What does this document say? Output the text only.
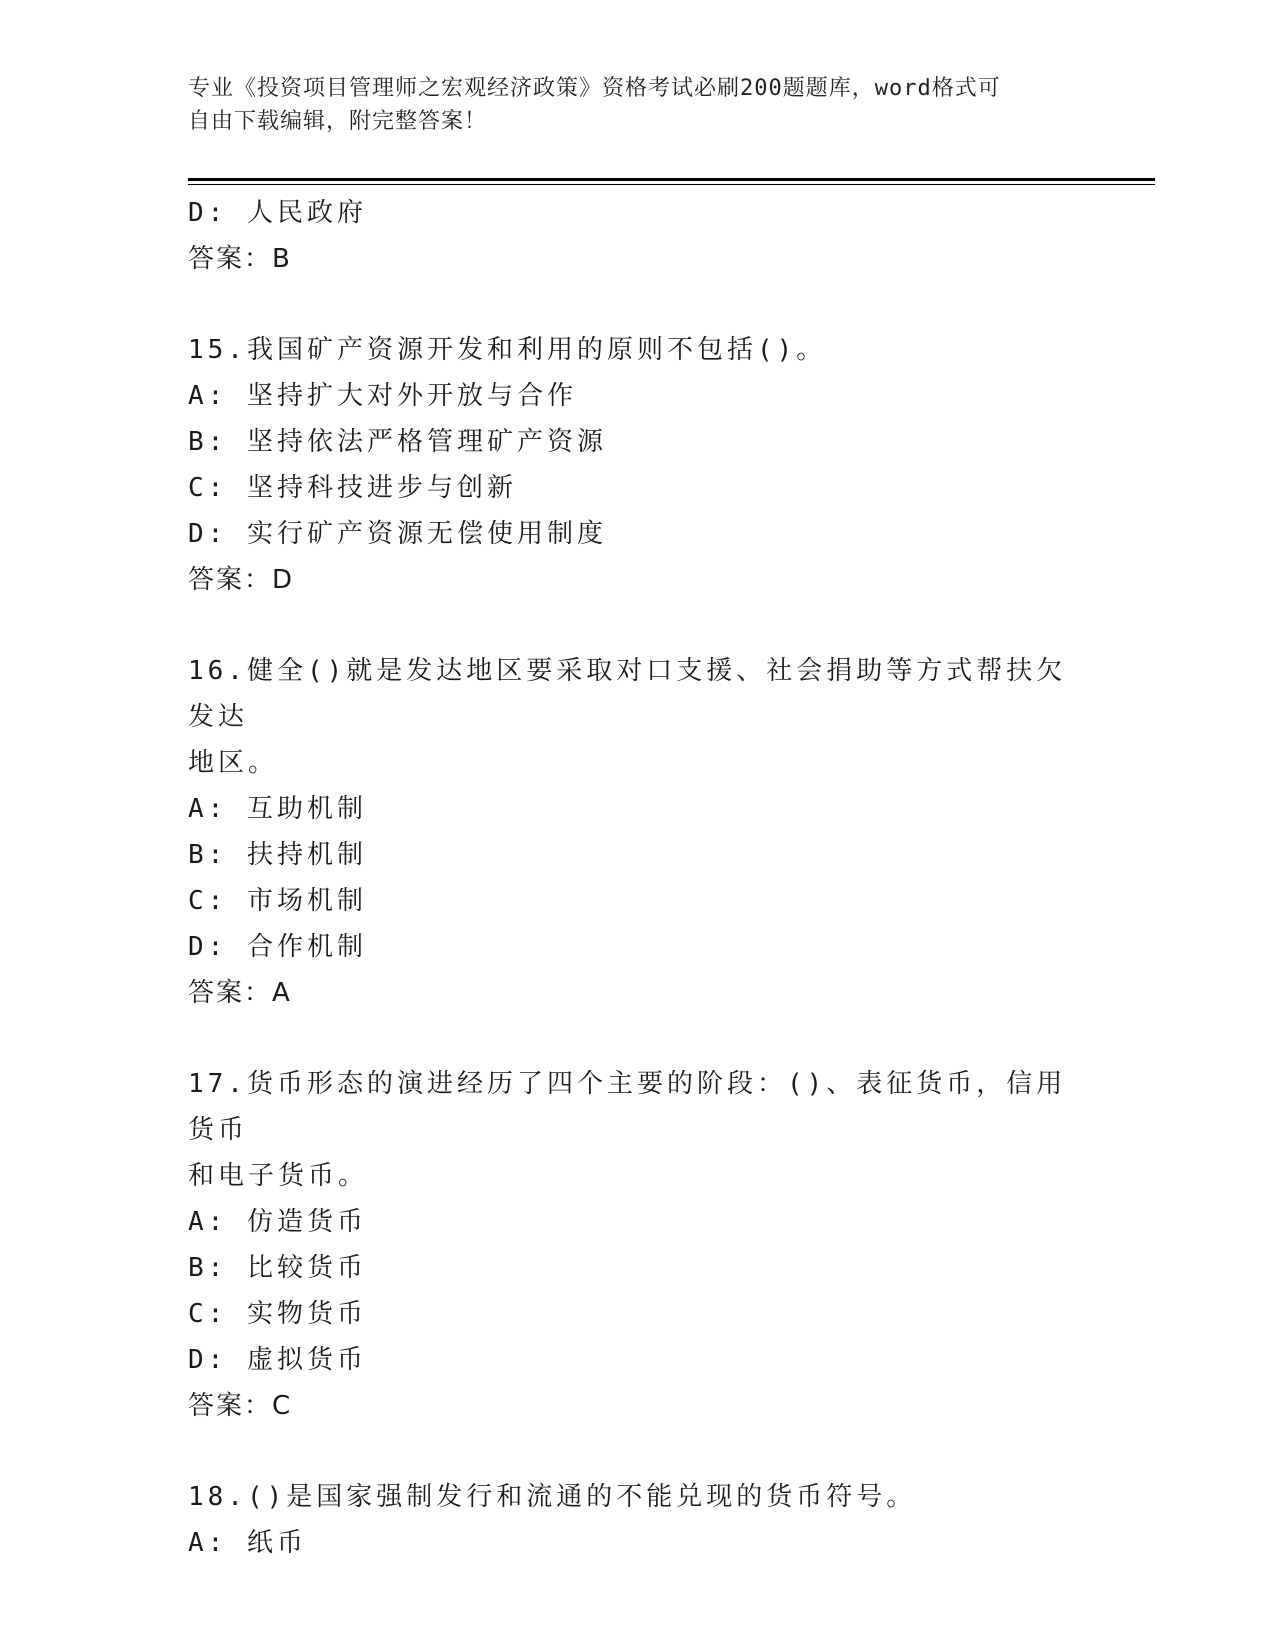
专业《投资项目管理师之宏观经济政策》资格考试必刷200题题库，word格式可
自由下载编辑，附完整答案！
D: 人民政府
答案：B
15.我国矿产资源开发和利用的原则不包括()。
A: 坚持扩大对外开放与合作
B: 坚持依法严格管理矿产资源
C: 坚持科技进步与创新
D: 实行矿产资源无偿使用制度
答案：D
16.健全()就是发达地区要采取对口支援、社会捐助等方式帮扶欠发达
地区。
A: 互助机制
B: 扶持机制
C: 市场机制
D: 合作机制
答案：A
17.货币形态的演进经历了四个主要的阶段：()、表征货币，信用货币
和电子货币。
A: 仿造货币
B: 比较货币
C: 实物货币
D: 虚拟货币
答案：C
18.()是国家强制发行和流通的不能兑现的货币符号。
A: 纸币
